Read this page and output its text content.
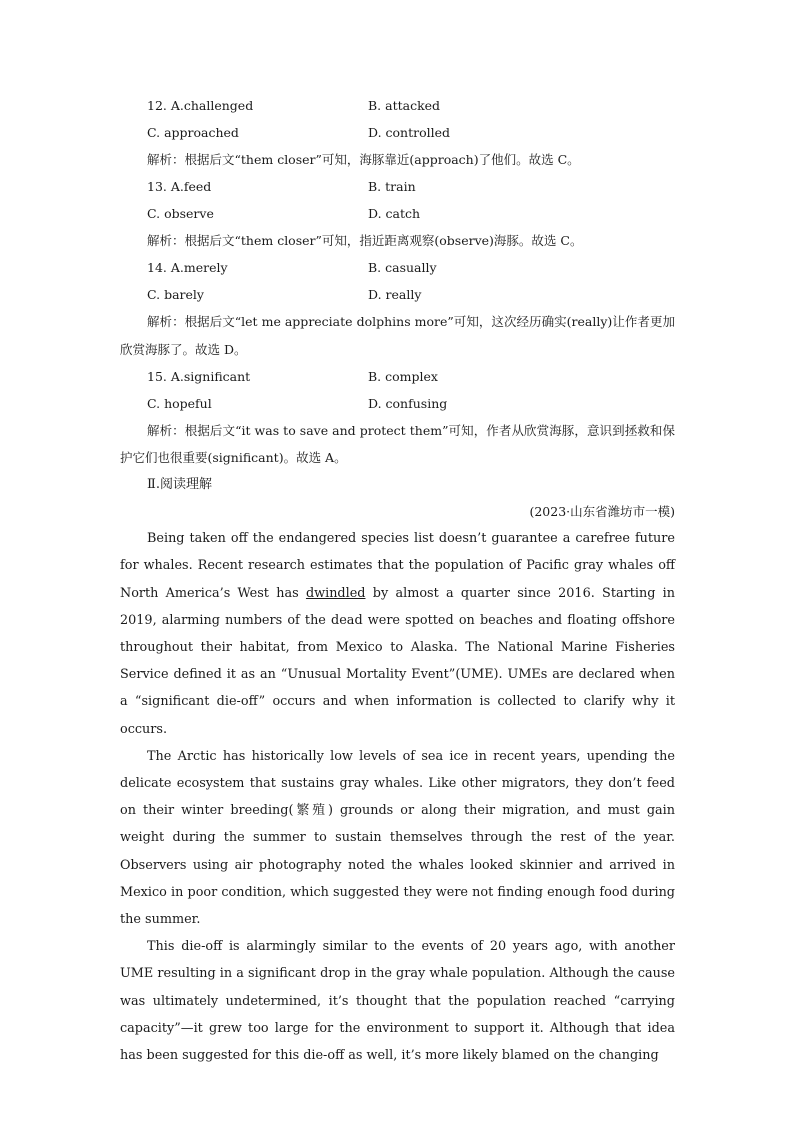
12. A.challenged	B. attacked
C. approached	D. controlled

解析：根据后文“them closer”可知，海豚靠近(approach)了他们。故选 C。

13. A.feed	B. train
C. observe	D. catch

解析：根据后文“them closer”可知，指近距离观察(observe)海豚。故选 C。

14. A.merely	B. casually
C. barely	D. really

解析：根据后文“let me appreciate dolphins more”可知，这次经历确实(really)让作者更加欣赏海豚了。故选 D。

15. A.significant	B. complex
C. hopeful	D. confusing

解析：根据后文“it was to save and protect them”可知，作者从欣赏海豚，意识到拯救和保护它们也很重要(significant)。故选 A。

Ⅱ.阅读理解
(2023·山东省潍坊市一模)

Being taken off the endangered species list doesn’t guarantee a carefree future for whales. Recent research estimates that the population of Pacific gray whales off North America’s West has dwindled by almost a quarter since 2016. Starting in 2019, alarming numbers of the dead were spotted on beaches and floating offshore throughout their habitat, from Mexico to Alaska. The National Marine Fisheries Service defined it as an “Unusual Mortality Event”(UME). UMEs are declared when a “significant die-off” occurs and when information is collected to clarify why it occurs.

The Arctic has historically low levels of sea ice in recent years, upending the delicate ecosystem that sustains gray whales. Like other migrators, they don’t feed on their winter breeding(繁殖) grounds or along their migration, and must gain weight during the summer to sustain themselves through the rest of the year. Observers using air photography noted the whales looked skinnier and arrived in Mexico in poor condition, which suggested they were not finding enough food during the summer.

This die-off is alarmingly similar to the events of 20 years ago, with another UME resulting in a significant drop in the gray whale population. Although the cause was ultimately undetermined, it’s thought that the population reached “carrying capacity”—it grew too large for the environment to support it. Although that idea has been suggested for this die-off as well, it’s more likely blamed on the changing
